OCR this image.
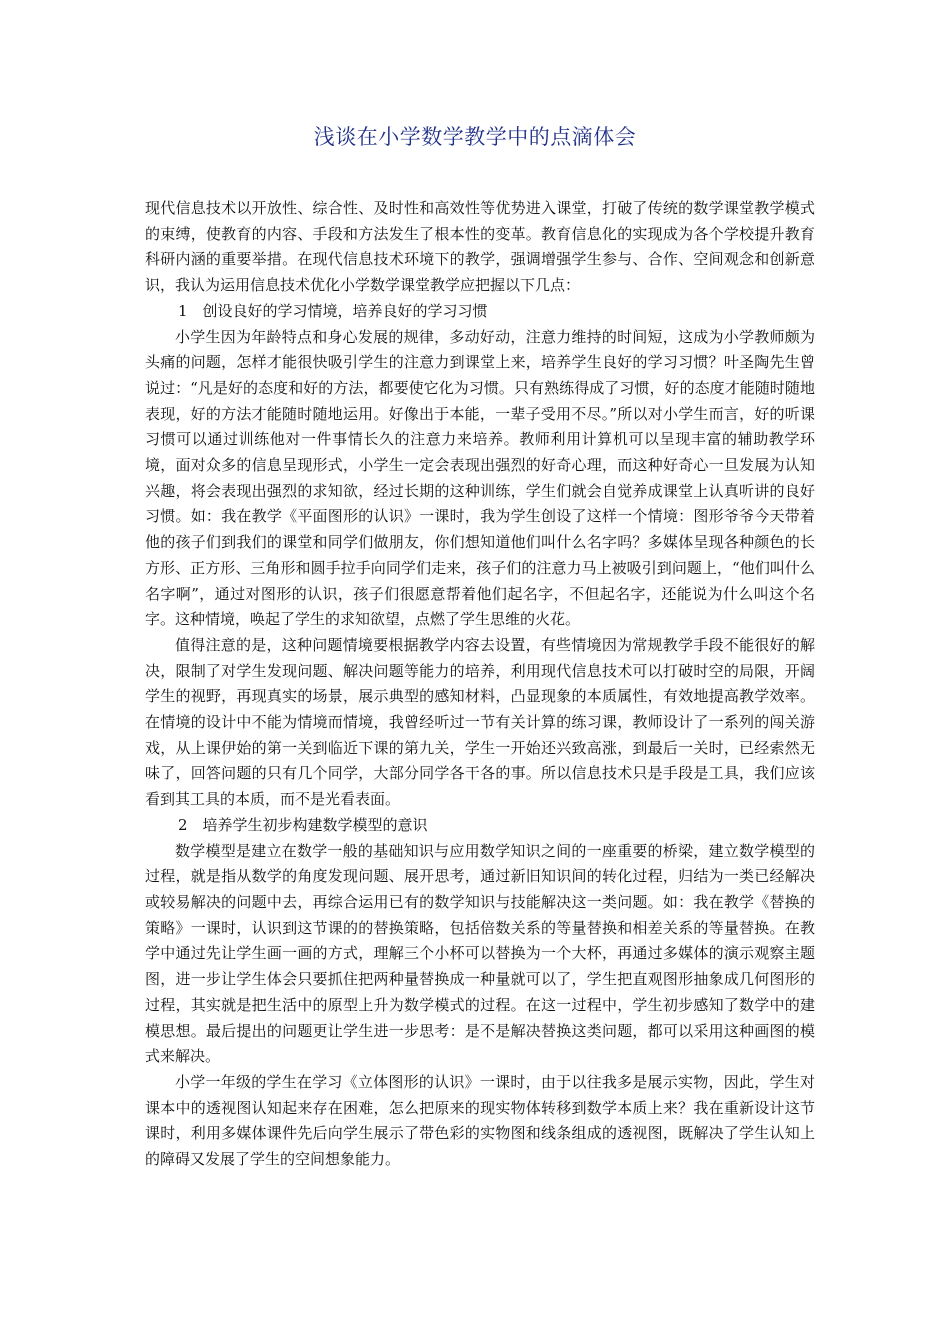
浅谈在小学数学教学中的点滴体会

现代信息技术以开放性、综合性、及时性和高效性等优势进入课堂，打破了传统的数学课堂教学模式的束缚，使教育的内容、手段和方法发生了根本性的变革。教育信息化的实现成为各个学校提升教育科研内涵的重要举措。在现代信息技术环境下的教学，强调增强学生参与、合作、空间观念和创新意识，我认为运用信息技术优化小学数学课堂教学应把握以下几点：

1　创设良好的学习情境，培养良好的学习习惯

小学生因为年龄特点和身心发展的规律，多动好动，注意力维持的时间短，这成为小学教师颇为头痛的问题，怎样才能很快吸引学生的注意力到课堂上来，培养学生良好的学习习惯？叶圣陶先生曾说过：“凡是好的态度和好的方法，都要使它化为习惯。只有熟练得成了习惯，好的态度才能随时随地表现，好的方法才能随时随地运用。好像出于本能，一辈子受用不尽。”所以对小学生而言，好的听课习惯可以通过训练他对一件事情长久的注意力来培养。教师利用计算机可以呈现丰富的辅助教学环境，面对众多的信息呈现形式，小学生一定会表现出强烈的好奇心理，而这种好奇心一旦发展为认知兴趣，将会表现出强烈的求知欲，经过长期的这种训练，学生们就会自觉养成课堂上认真听讲的良好习惯。如：我在教学《平面图形的认识》一课时，我为学生创设了这样一个情境：图形爷爷今天带着他的孩子们到我们的课堂和同学们做朋友，你们想知道他们叫什么名字吗？多媒体呈现各种颜色的长方形、正方形、三角形和圆手拉手向同学们走来，孩子们的注意力马上被吸引到问题上，“他们叫什么名字啊”，通过对图形的认识，孩子们很愿意帮着他们起名字，不但起名字，还能说为什么叫这个名字。这种情境，唤起了学生的求知欲望，点燃了学生思维的火花。

值得注意的是，这种问题情境要根据教学内容去设置，有些情境因为常规教学手段不能很好的解决，限制了对学生发现问题、解决问题等能力的培养，利用现代信息技术可以打破时空的局限，开阔学生的视野，再现真实的场景，展示典型的感知材料，凸显现象的本质属性，有效地提高教学效率。在情境的设计中不能为情境而情境，我曾经听过一节有关计算的练习课，教师设计了一系列的闯关游戏，从上课伊始的第一关到临近下课的第九关，学生一开始还兴致高涨，到最后一关时，已经索然无味了，回答问题的只有几个同学，大部分同学各干各的事。所以信息技术只是手段是工具，我们应该看到其工具的本质，而不是光看表面。

2　培养学生初步构建数学模型的意识

数学模型是建立在数学一般的基础知识与应用数学知识之间的一座重要的桥梁，建立数学模型的过程，就是指从数学的角度发现问题、展开思考，通过新旧知识间的转化过程，归结为一类已经解决或较易解决的问题中去，再综合运用已有的数学知识与技能解决这一类问题。如：我在教学《替换的策略》一课时，认识到这节课的的替换策略，包括倍数关系的等量替换和相差关系的等量替换。在教学中通过先让学生画一画的方式，理解三个小杯可以替换为一个大杯，再通过多媒体的演示观察主题图，进一步让学生体会只要抓住把两种量替换成一种量就可以了，学生把直观图形抽象成几何图形的过程，其实就是把生活中的原型上升为数学模式的过程。在这一过程中，学生初步感知了数学中的建模思想。最后提出的问题更让学生进一步思考：是不是解决替换这类问题，都可以采用这种画图的模式来解决。

小学一年级的学生在学习《立体图形的认识》一课时，由于以往我多是展示实物，因此，学生对课本中的透视图认知起来存在困难，怎么把原来的现实物体转移到数学本质上来？我在重新设计这节课时，利用多媒体课件先后向学生展示了带色彩的实物图和线条组成的透视图，既解决了学生认知上的障碍又发展了学生的空间想象能力。
